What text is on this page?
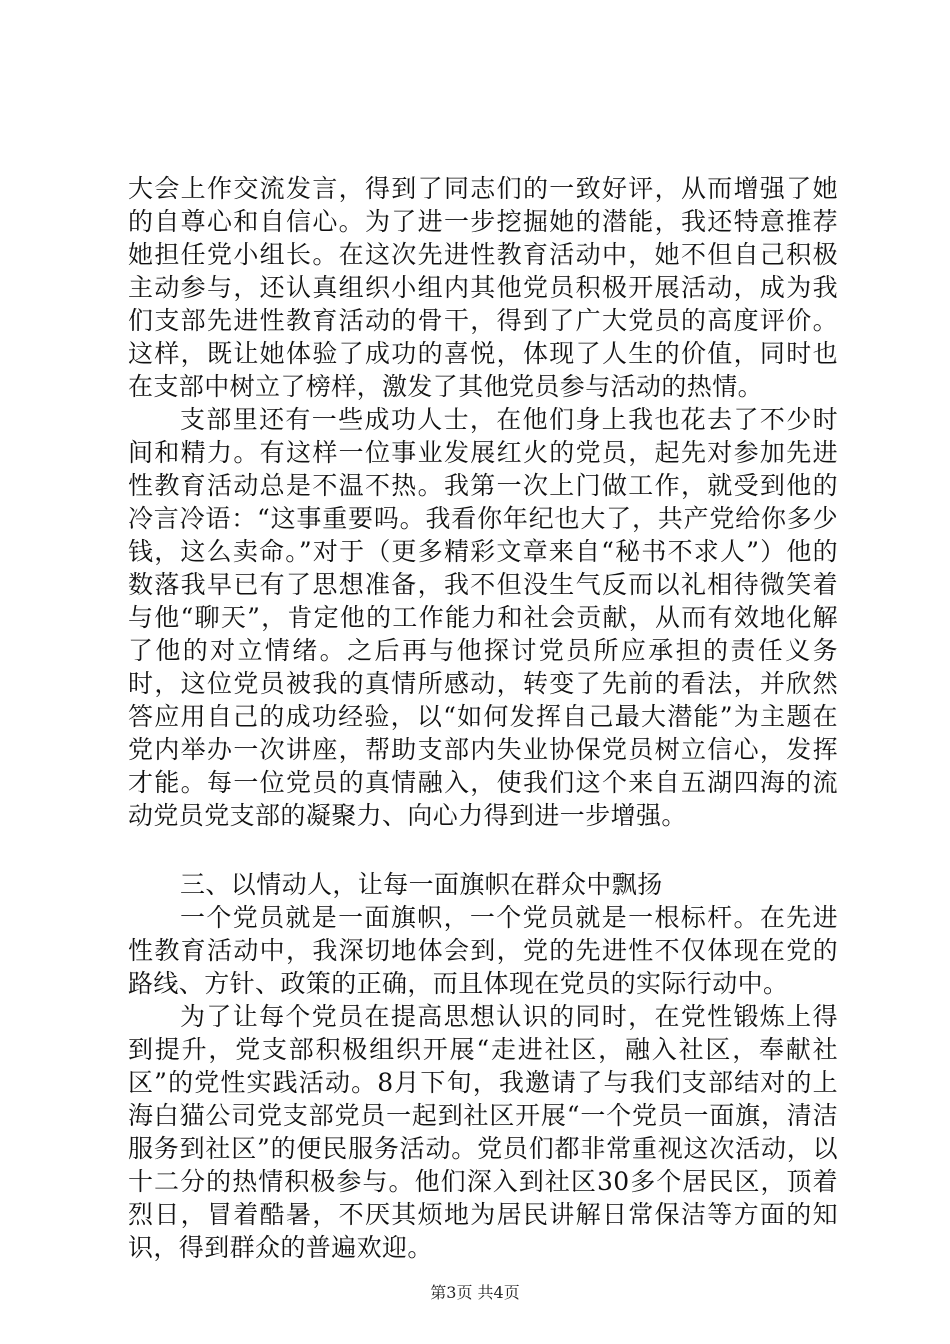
大会上作交流发言，得到了同志们的一致好评，从而增强了她的自尊心和自信心。为了进一步挖掘她的潜能，我还特意推荐她担任党小组长。在这次先进性教育活动中，她不但自己积极主动参与，还认真组织小组内其他党员积极开展活动，成为我们支部先进性教育活动的骨干，得到了广大党员的高度评价。这样，既让她体验了成功的喜悦，体现了人生的价值，同时也在支部中树立了榜样，激发了其他党员参与活动的热情。

支部里还有一些成功人士，在他们身上我也花去了不少时间和精力。有这样一位事业发展红火的党员，起先对参加先进性教育活动总是不温不热。我第一次上门做工作，就受到他的冷言冷语：“这事重要吗。我看你年纪也大了，共产党给你多少钱，这么卖命。”对于（更多精彩文章来自“秘书不求人”）他的数落我早已有了思想准备，我不但没生气反而以礼相待微笑着与他“聊天”，肯定他的工作能力和社会贡献，从而有效地化解了他的对立情绪。之后再与他探讨党员所应承担的责任义务时，这位党员被我的真情所感动，转变了先前的看法，并欣然答应用自己的成功经验，以“如何发挥自己最大潜能”为主题在党内举办一次讲座，帮助支部内失业协保党员树立信心，发挥才能。每一位党员的真情融入，使我们这个来自五湖四海的流动党员党支部的凝聚力、向心力得到进一步增强。

三、以情动人，让每一面旗帜在群众中飘扬

一个党员就是一面旗帜，一个党员就是一根标杆。在先进性教育活动中，我深切地体会到，党的先进性不仅体现在党的路线、方针、政策的正确，而且体现在党员的实际行动中。

为了让每个党员在提高思想认识的同时，在党性锻炼上得到提升，党支部积极组织开展“走进社区，融入社区，奉献社区”的党性实践活动。8月下旬，我邀请了与我们支部结对的上海白猫公司党支部党员一起到社区开展“一个党员一面旗，清洁服务到社区”的便民服务活动。党员们都非常重视这次活动，以十二分的热情积极参与。他们深入到社区30多个居民区，顶着烈日，冒着酷暑，不厌其烦地为居民讲解日常保洁等方面的知识，得到群众的普遍欢迎。

第3页 共4页
